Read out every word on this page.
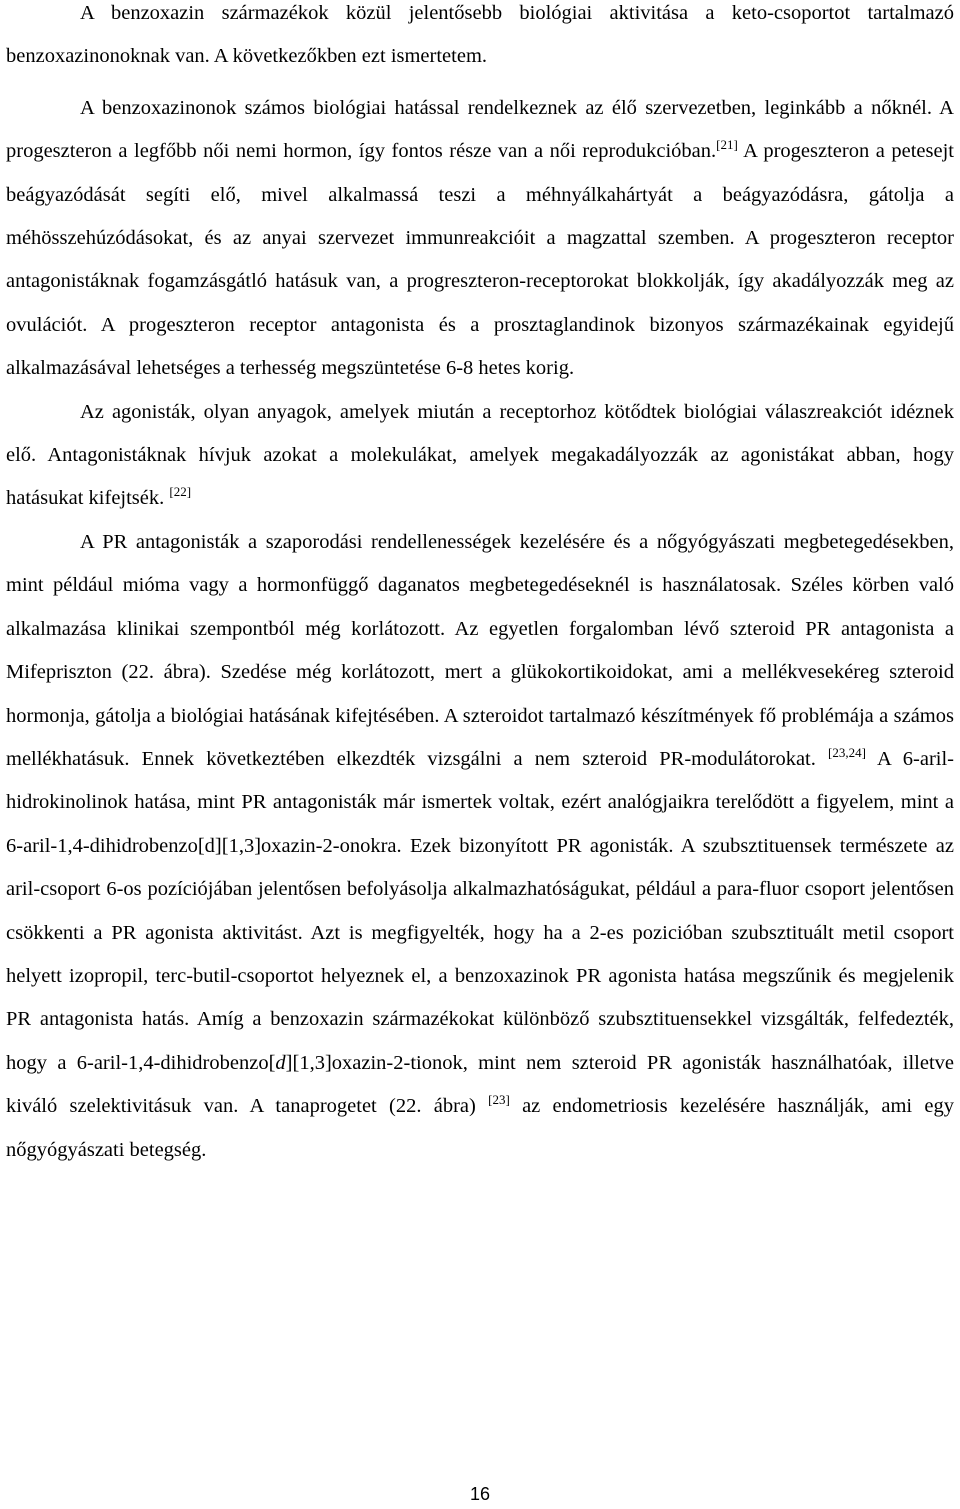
A benzoxazin származékok közül jelentősebb biológiai aktivitása a keto-csoportot tartalmazó benzoxazinonoknak van. A következőkben ezt ismertetem.

A benzoxazinonok számos biológiai hatással rendelkeznek az élő szervezetben, leginkább a nőknél. A progeszteron a legfőbb női nemi hormon, így fontos része van a női reprodukcióban.[21] A progeszteron a petesejt beágyazódását segíti elő, mivel alkalmassá teszi a méhnyálkahártyát a beágyazódásra, gátolja a méhösszehúzódásokat, és az anyai szervezet immunreakcióit a magzattal szemben. A progeszteron receptor antagonistáknak fogamzásgátló hatásuk van, a progreszteron-receptorokat blokkolják, így akadályozzák meg az ovulációt. A progeszteron receptor antagonista és a prosztaglandinok bizonyos származékainak egyidejű alkalmazásával lehetséges a terhesség megszüntetése 6-8 hetes korig.

Az agonisták, olyan anyagok, amelyek miután a receptorhoz kötődtek biológiai válaszreakciót idéznek elő. Antagonistáknak hívjuk azokat a molekulákat, amelyek megakadályozzák az agonistákat abban, hogy hatásukat kifejtsék. [22]

A PR antagonisták a szaporodási rendellenességek kezelésére és a nőgyógyászati megbetegedésekben, mint például mióma vagy a hormonfüggő daganatos megbetegedéseknél is használatosak. Széles körben való alkalmazása klinikai szempontból még korlátozott. Az egyetlen forgalomban lévő szteroid PR antagonista a Mifepriszton (22. ábra). Szedése még korlátozott, mert a glükokortikoidokat, ami a mellékvesekéreg szteroid hormonja, gátolja a biológiai hatásának kifejtésében. A szteroidot tartalmazó készítmények fő problémája a számos mellékhatásuk. Ennek következtében elkezdték vizsgálni a nem szteroid PR-modulátorokat. [23,24] A 6-aril-hidrokinolinok hatása, mint PR antagonisták már ismertek voltak, ezért analógjaikra terelődött a figyelem, mint a 6-aril-1,4-dihidrobenzo[d][1,3]oxazin-2-onokra. Ezek bizonyított PR agonisták. A szubsztituensek természete az aril-csoport 6-os pozíciójában jelentősen befolyásolja alkalmazhatóságukat, például a para-fluor csoport jelentősen csökkenti a PR agonista aktivitást. Azt is megfigyelték, hogy ha a 2-es pozicióban szubsztituált metil csoport helyett izopropil, terc-butil-csoportot helyeznek el, a benzoxazinok PR agonista hatása megszűnik és megjelenik PR antagonista hatás. Amíg a benzoxazin származékokat különböző szubsztituensekkel vizsgálták, felfedezték, hogy a 6-aril-1,4-dihidrobenzo[d][1,3]oxazin-2-tionok, mint nem szteroid PR agonisták használhatóak, illetve kiváló szelektivitásuk van. A tanaprogetet (22. ábra) [23] az endometriosis kezelésére használják, ami egy nőgyógyászati betegség.

16
